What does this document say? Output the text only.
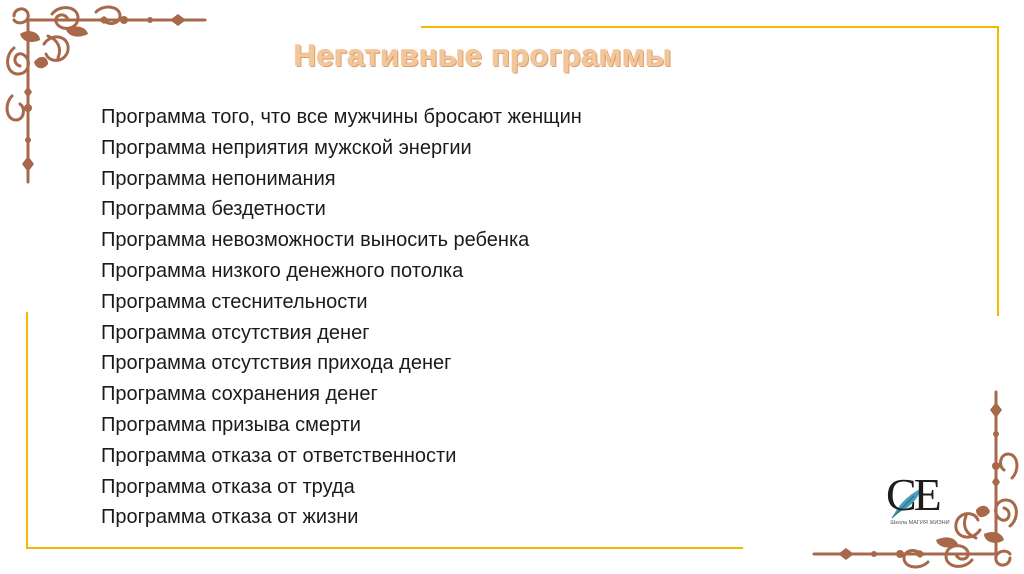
Негативные программы
Программа того, что все мужчины бросают женщин
Программа неприятия мужской энергии
Программа непонимания
Программа бездетности
Программа невозможности выносить ребенка
Программа низкого денежного потолка
Программа стеснительности
Программа отсутствия денег
Программа отсутствия прихода денег
Программа сохранения денег
Программа призыва смерти
Программа отказа от ответственности
Программа отказа от труда
Программа отказа от жизни	CE
Школа МАГИЯ ЖИЗНИ
